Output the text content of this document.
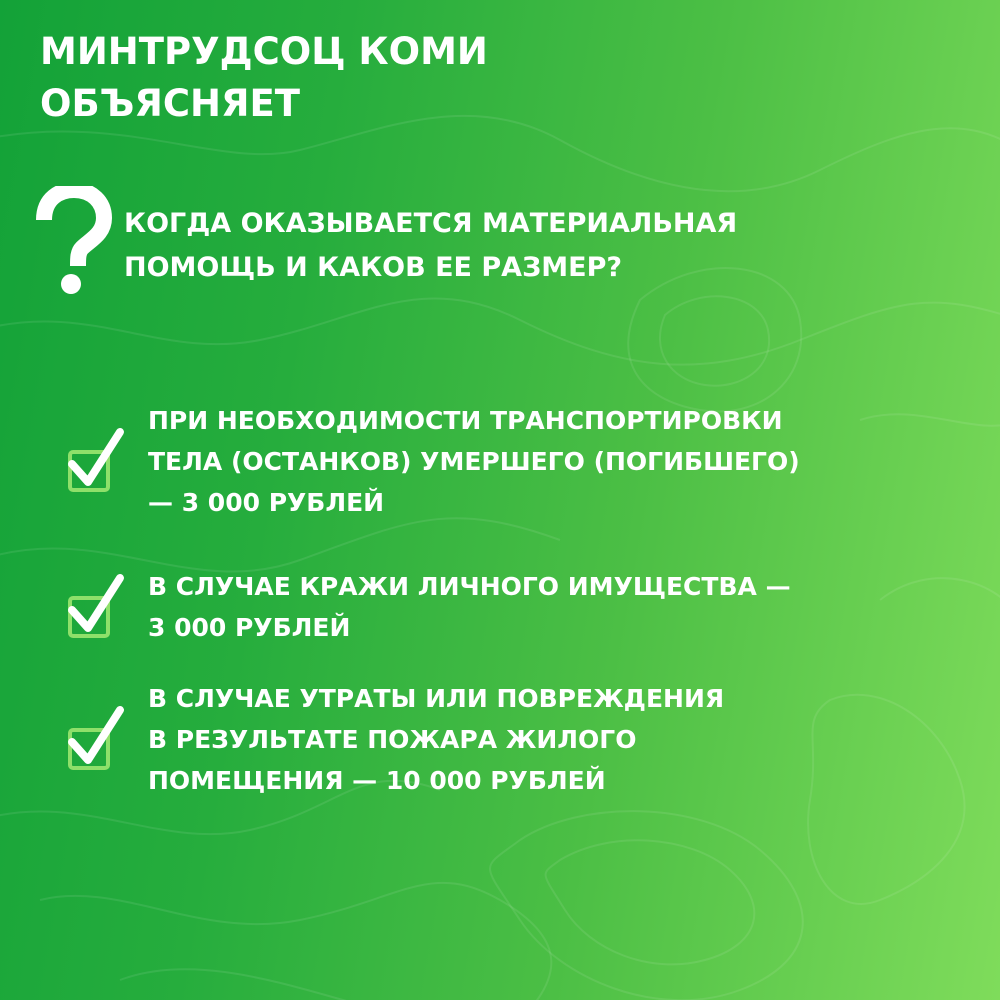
МИНТРУДСОЦ КОМИ
ОБЪЯСНЯЕТ
КОГДА ОКАЗЫВАЕТСЯ МАТЕРИАЛЬНАЯ
ПОМОЩЬ И КАКОВ ЕЕ РАЗМЕР?

ПРИ НЕОБХОДИМОСТИ ТРАНСПОРТИРОВКИ
ТЕЛА (ОСТАНКОВ) УМЕРШЕГО (ПОГИБШЕГО)
— 3 000 РУБЛЕЙ

В СЛУЧАЕ КРАЖИ ЛИЧНОГО ИМУЩЕСТВА —
3 000 РУБЛЕЙ

В СЛУЧАЕ УТРАТЫ ИЛИ ПОВРЕЖДЕНИЯ
В РЕЗУЛЬТАТЕ ПОЖАРА ЖИЛОГО
ПОМЕЩЕНИЯ — 10 000 РУБЛЕЙ
